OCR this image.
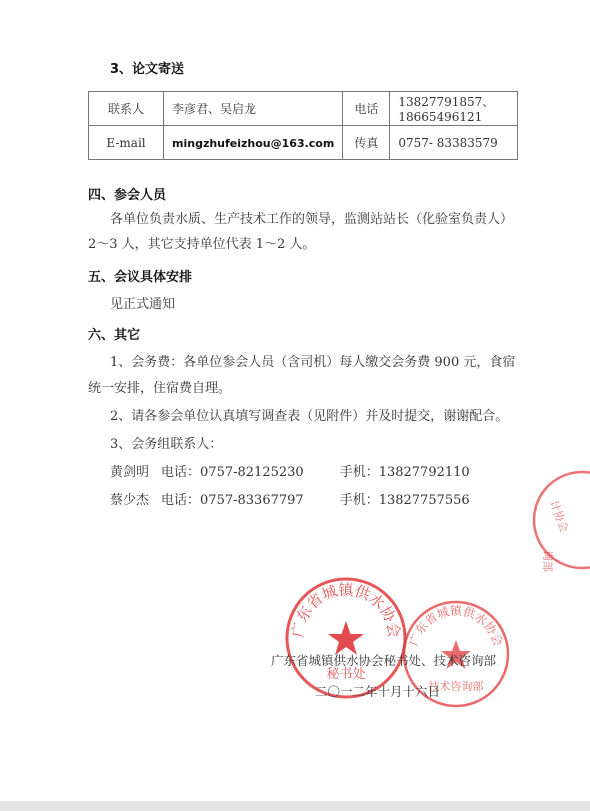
3、论文寄送
联系人	李彦君、吴启龙	电话	13827791857、18665496121
E-mail	mingzhufeizhou@163.com	传真	0757- 83383579
四、参会人员
各单位负责水质、生产技术工作的领导，监测站站长（化验室负责人）
2～3 人，其它支持单位代表 1～2 人。
五、会议具体安排
见正式通知
六、其它
1、会务费：各单位参会人员（含司机）每人缴交会务费 900 元，食宿
统一安排，住宿费自理。
2、请各参会单位认真填写调查表（见附件）并及时提交，谢谢配合。
3、会务组联系人：
黄剑明 电话：0757-82125230	手机：13827792110
蔡少杰 电话：0757-83367797	手机：13827757556
广东省城镇供水协会
秘书处
广东省城镇供水协会
技术咨询部
计协会
询部
广东省城镇供水协会秘书处、技术咨询部
二〇一二年十月十六日
